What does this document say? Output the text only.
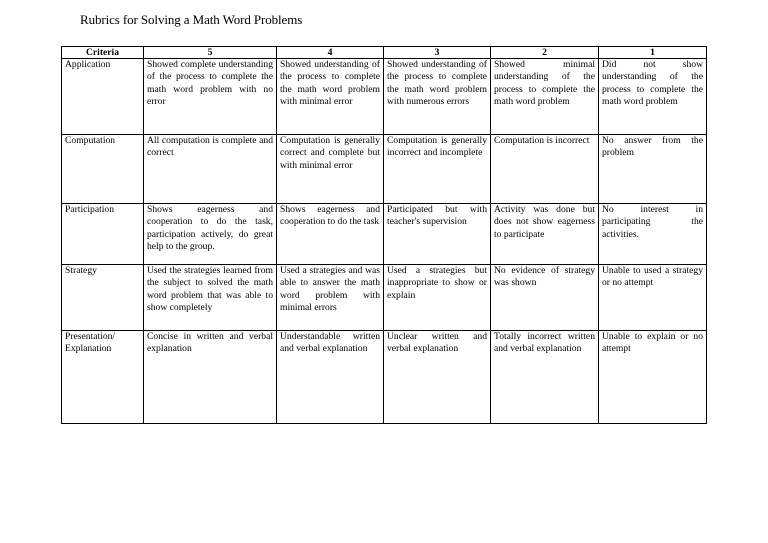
Rubrics for Solving a Math Word Problems
Criteria	5	4	3	2	1
Application	Showed complete understanding of the process to complete the math word problem with no error	Showed understanding of the process to complete the math word problem with minimal error	Showed understanding of the process to complete the math word problem with numerous errors	Showed minimal understanding of the process to complete the math word problem	Did not show understanding of the process to complete the math word problem
Computation	All computation is complete and correct	Computation is generally correct and complete but with minimal error	Computation is generally incorrect and incomplete	Computation is incorrect	No answer from the problem
Participation	Shows eagerness and cooperation to do the task, participation actively, do great help to the group.	Shows eagerness and cooperation to do the task	Participated but with teacher's supervision	Activity was done but does not show eagerness to participate	No interest in participating the activities.
Strategy	Used the strategies learned from the subject to solved the math word problem that was able to show completely	Used a strategies and was able to answer the math word problem with minimal errors	Used a strategies but inappropriate to show or explain	No evidence of strategy was shown	Unable to used a strategy or no attempt
Presentation/ Explanation	Concise in written and verbal explanation	Understandable written and verbal explanation	Unclear written and verbal explanation	Totally incorrect written and verbal explanation	Unable to explain or no attempt
